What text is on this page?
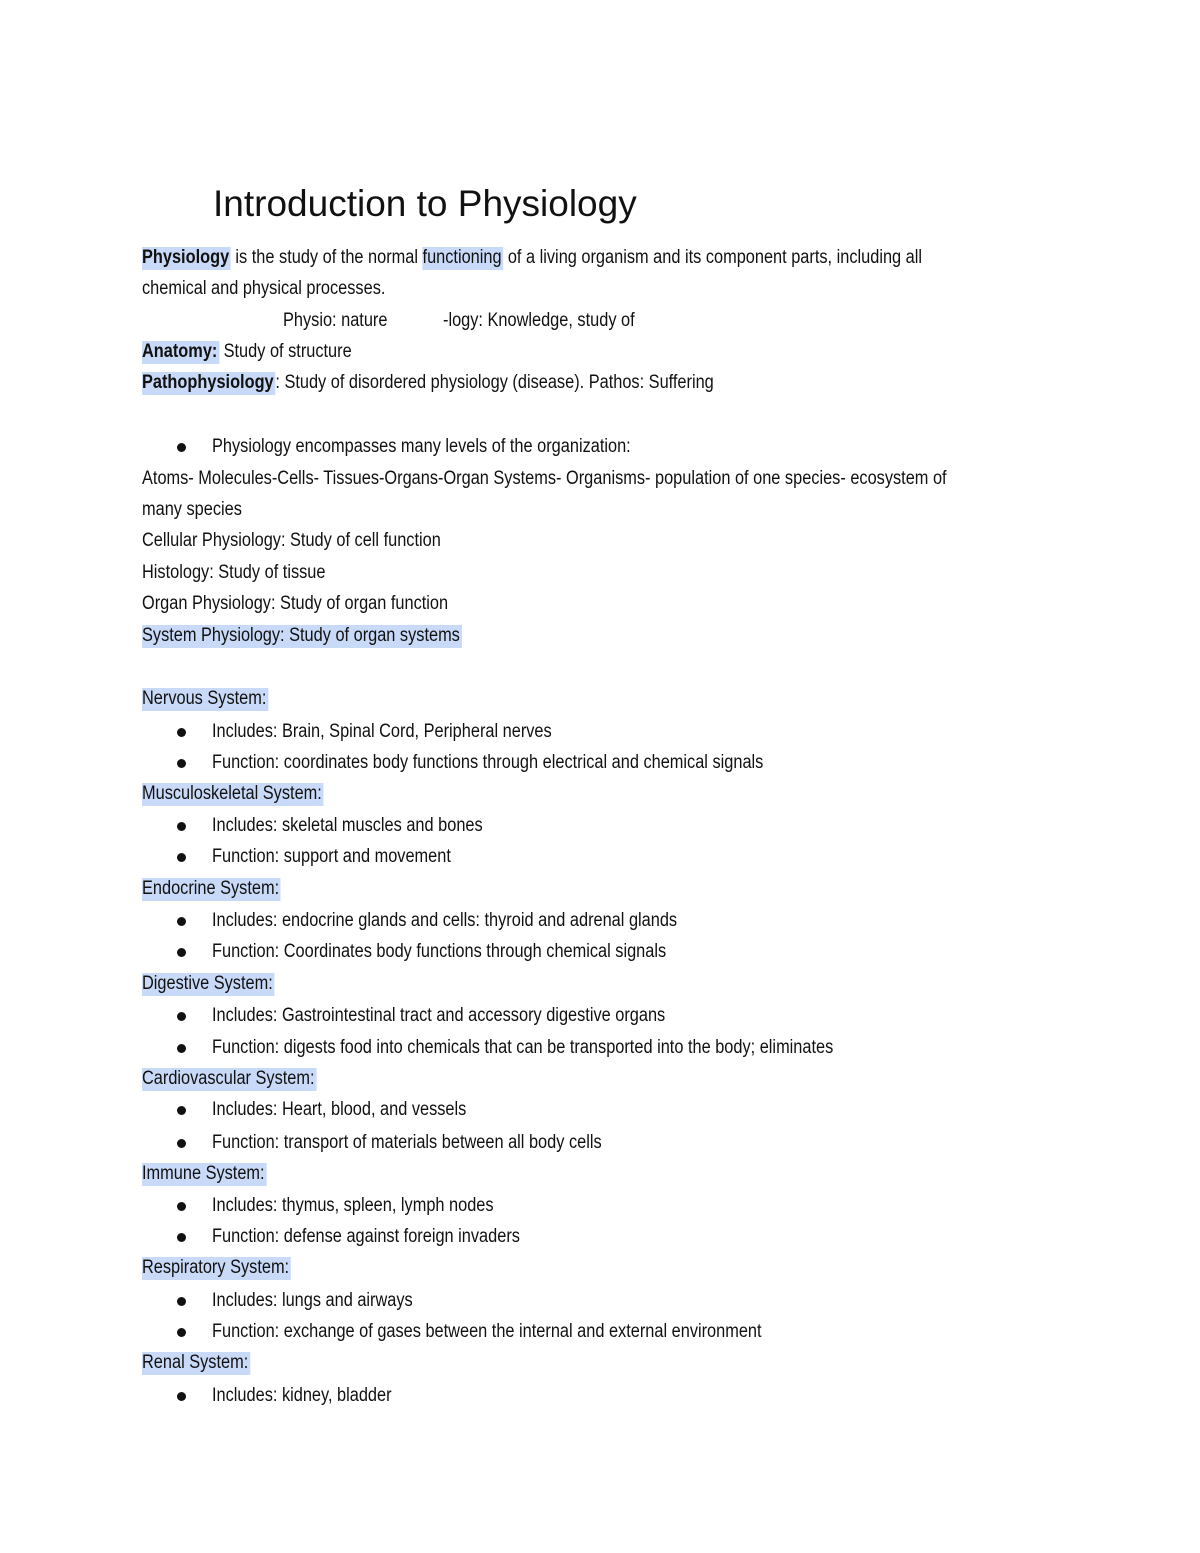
Introduction to Physiology
Physiology is the study of the normal functioning of a living organism and its component parts, including all
chemical and physical processes.
Physio: nature	-logy: Knowledge, study of
Anatomy: Study of structure
Pathophysiology: Study of disordered physiology (disease). Pathos: Suffering
Physiology encompasses many levels of the organization:
Atoms- Molecules-Cells- Tissues-Organs-Organ Systems- Organisms- population of one species- ecosystem of
many species
Cellular Physiology: Study of cell function
Histology: Study of tissue
Organ Physiology: Study of organ function
System Physiology: Study of organ systems
Nervous System:
Includes: Brain, Spinal Cord, Peripheral nerves
Function: coordinates body functions through electrical and chemical signals
Musculoskeletal System:
Includes: skeletal muscles and bones
Function: support and movement
Endocrine System:
Includes: endocrine glands and cells: thyroid and adrenal glands
Function: Coordinates body functions through chemical signals
Digestive System:
Includes: Gastrointestinal tract and accessory digestive organs
Function: digests food into chemicals that can be transported into the body; eliminates
Cardiovascular System:
Includes: Heart, blood, and vessels
Function: transport of materials between all body cells
Immune System:
Includes: thymus, spleen, lymph nodes
Function: defense against foreign invaders
Respiratory System:
Includes: lungs and airways
Function: exchange of gases between the internal and external environment
Renal System:
Includes: kidney, bladder
